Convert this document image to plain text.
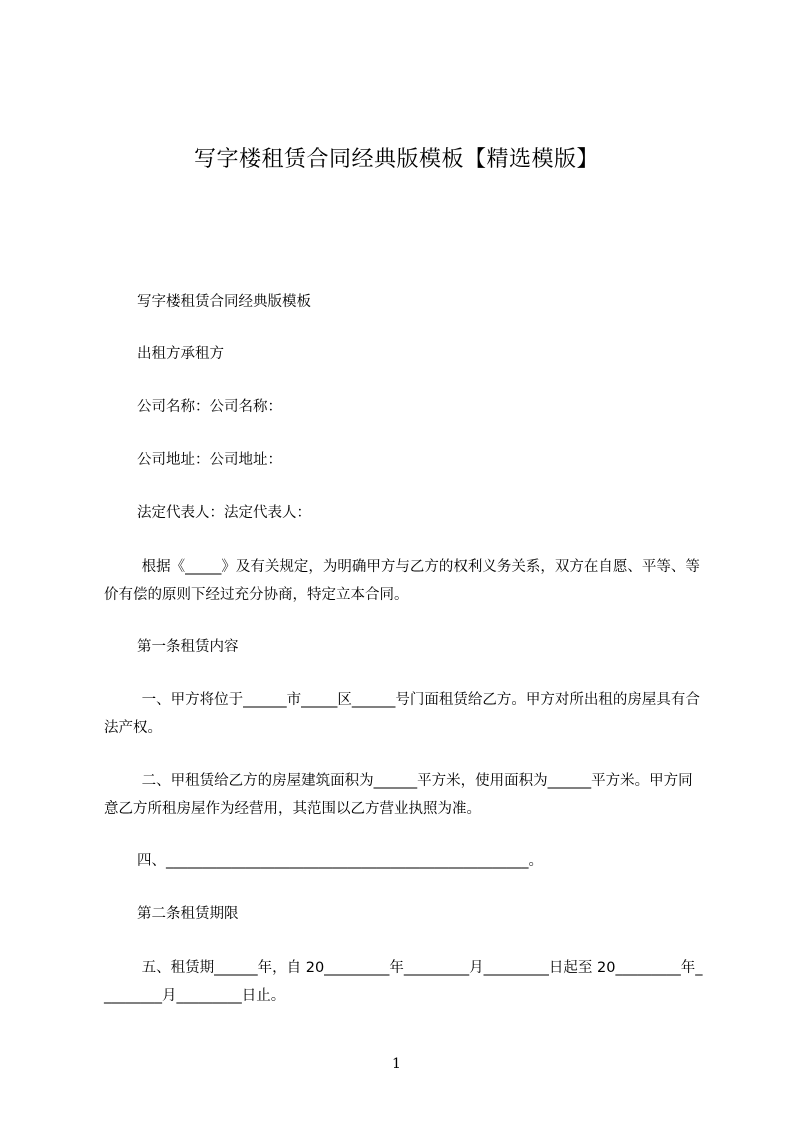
写字楼租赁合同经典版模板【精选模版】

写字楼租赁合同经典版模板

出租方承租方

公司名称：公司名称：

公司地址：公司地址：

法定代表人：法定代表人：

根据《_____》及有关规定，为明确甲方与乙方的权利义务关系，双方在自愿、平等、等价有偿的原则下经过充分协商，特定立本合同。

第一条租赁内容

一、甲方将位于______市_____区______号门面租赁给乙方。甲方对所出租的房屋具有合法产权。

二、甲租赁给乙方的房屋建筑面积为______平方米，使用面积为______平方米。甲方同意乙方所租房屋作为经营用，其范围以乙方营业执照为准。

四、__________________________________________________。

第二条租赁期限

五、租赁期______年，自 20_________年_________月_________日起至 20_________年_________月_________日止。

1
